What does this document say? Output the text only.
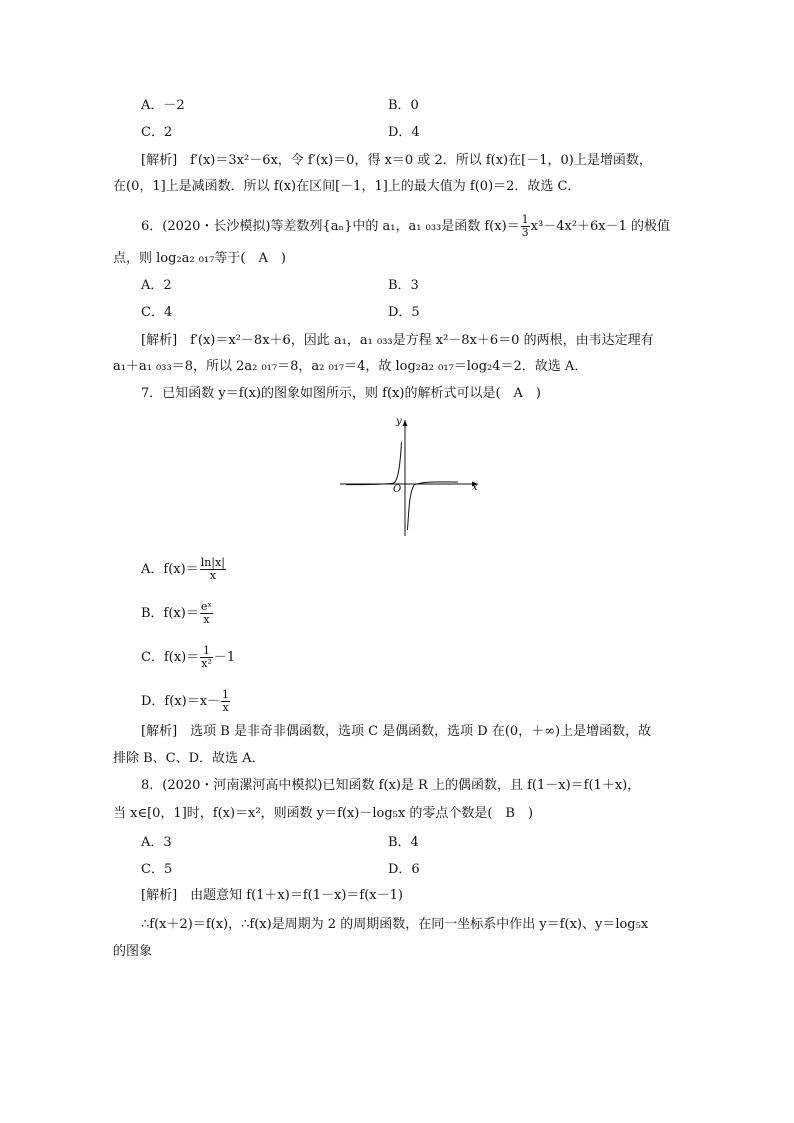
A．－2	B．0
C．2	D．4
[解析]　f′(x)＝3x²－6x，令 f′(x)＝0，得 x＝0 或 2．所以 f(x)在[－1，0)上是增函数，
在(0，1]上是减函数．所以 f(x)在区间[－1，1]上的最大值为 f(0)＝2．故选 C．
6．(2020・长沙模拟)等差数列{aₙ}中的 a₁，a₁ ₀₃₃是函数 $f(x)= \frac{1}{3} x^3-4x^2+6x-1$ 的极值
点，则 log₂a₂ ₀₁₇等于(　A　)
A．2	B．3
C．4	D．5
[解析]　f′(x)＝x²－8x＋6，因此 a₁，a₁ ₀₃₃是方程 x²－8x＋6＝0 的两根，由韦达定理有
a₁＋a₁ ₀₃₃＝8，所以 2a₂ ₀₁₇＝8，a₂ ₀₁₇＝4，故 log₂a₂ ₀₁₇＝log₂4＝2．故选 A．
7．已知函数 y＝f(x)的图象如图所示，则 f(x)的解析式可以是(　A　)
y
x
O
A．$f(x)= \frac{\ln|x|}{x}$
B．$f(x)= \frac{\text{eˣ}}{x}$
C．$f(x)= \frac{1}{\text{x²}} -1$
D．$f(x)=x- \frac{1}{x}$
[解析]　选项 B 是非奇非偶函数，选项 C 是偶函数，选项 D 在(0，＋∞)上是增函数，故
排除 B、C、D．故选 A．
8．(2020・河南漯河高中模拟)已知函数 f(x)是 R 上的偶函数，且 f(1－x)＝f(1＋x)，
当 x∈[0，1]时，f(x)＝x²，则函数 y＝f(x)－log₅x 的零点个数是(　B　)
A．3	B．4
C．5	D．6
[解析]　由题意知 f(1＋x)＝f(1－x)＝f(x－1)
∴f(x＋2)＝f(x)，∴f(x)是周期为 2 的周期函数，在同一坐标系中作出 y＝f(x)、y＝log₅x
的图象
